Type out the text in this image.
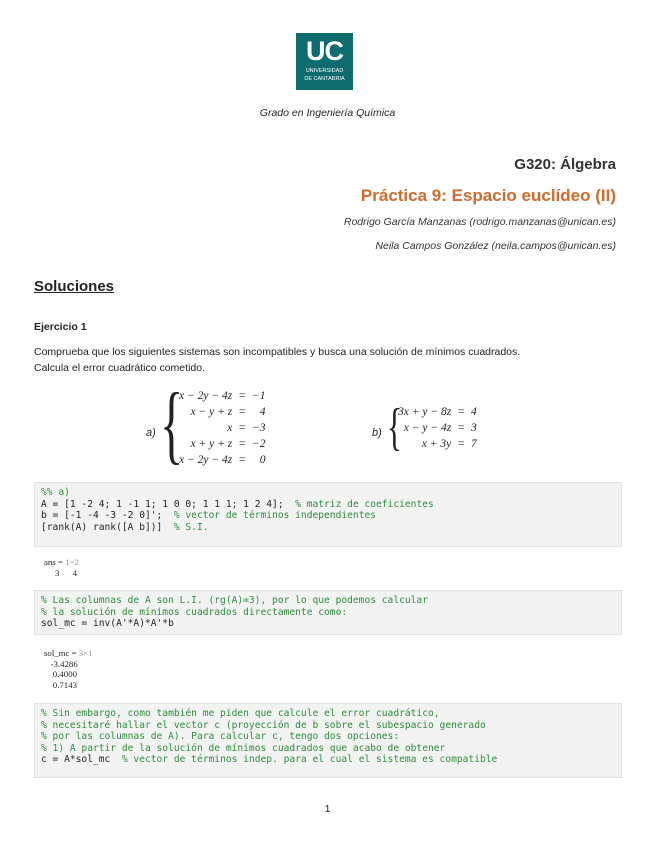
UC
UNIVERSIDAD
DE CANTABRIA
Grado en Ingeniería Química
G320: Álgebra
Práctica 9: Espacio euclídeo (II)
Rodrigo García Manzanas (rodrigo.manzanas@unican.es)
Neila Campos González (neila.campos@unican.es)
Soluciones
Ejercicio 1
Comprueba que los siguientes sistemas son incompatibles y busca una solución de mínimos cuadrados.
Calcula el error cuadrático cometido.
a) {
x − 2y − 4z	=	−1
x − y + z	=	4
x	=	−3
x + y + z	=	−2
x − 2y − 4z	=	0
b) {
3x + y − 8z	=	4
x − y − 4z	=	3
x + 3y	=	7
%% a)
A = [1 -2 4; 1 -1 1; 1 0 0; 1 1 1; 1 2 4];  % matriz de coeficientes
b = [-1 -4 -3 -2 0]';  % vector de términos independientes
[rank(A) rank([A b])]  % S.I.
ans = 1×2
3      4
% Las columnas de A son L.I. (rg(A)=3), por lo que podemos calcular
% la solución de mínimos cuadrados directamente como:
sol_mc = inv(A'*A)*A'*b
sol_mc = 3×1
-3.4286
0.4000
0.7143
% Sin embargo, como también me piden que calcule el error cuadrático,
% necesitaré hallar el vector c (proyección de b sobre el subespacio generado
% por las columnas de A). Para calcular c, tengo dos opciones:
% 1) A partir de la solución de mínimos cuadrados que acabo de obtener
c = A*sol_mc  % vector de términos indep. para el cual el sistema es compatible
1
